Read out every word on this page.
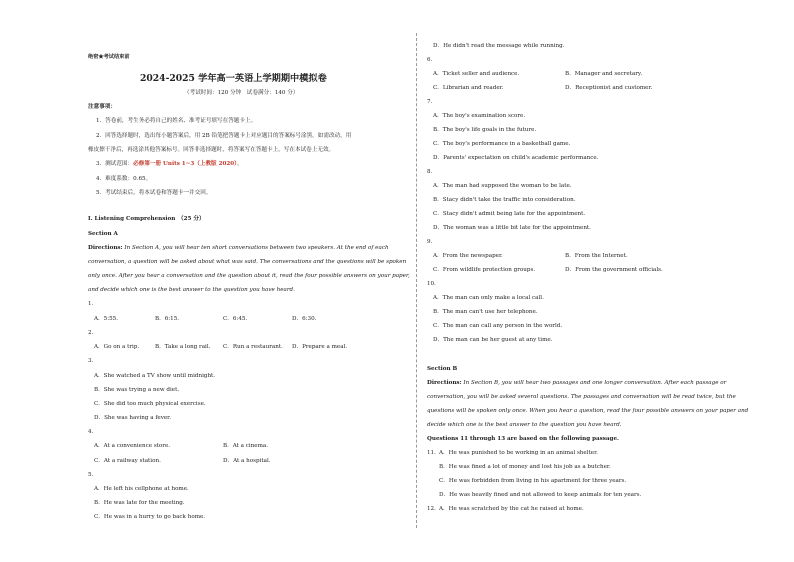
绝密★考试结束前
2024-2025 学年高一英语上学期期中模拟卷
（考试时间：120 分钟　试卷满分：140 分）
注意事项：
1．答卷前，考生务必将自己的姓名、准考证号填写在答题卡上。
2．回答选择题时，选出每小题答案后，用 2B 铅笔把答题卡上对应题目的答案标号涂黑。如需改动，用
橡皮擦干净后，再选涂其他答案标号。回答非选择题时，将答案写在答题卡上。写在本试卷上无效。
3．测试范围：必修第一册 Units 1~3（上教版 2020）。
4．难度系数：0.65。
5．考试结束后，将本试卷和答题卡一并交回。
I. Listening Comprehension　（25 分）
Section A
Directions: In Section A, you will hear ten short conversations between two speakers. At the end of each
conversation, a question will be asked about what was said. The conversations and the questions will be spoken
only once. After you hear a conversation and the question about it, read the four possible answers on your paper,
and decide which one is the best answer to the question you have heard.
1．
A．5:55.	B．6:15.	C．6:45.	D．6:30.
2．
A．Go on a trip.	B．Take a long rail. C．Run a restaurant. D．Prepare a meal.
3．
A．She watched a TV show until midnight.
B．She was trying a new diet.
C．She did too much physical exercise.
D．She was having a fever.
4．
A．At a convenience store.	B．At a cinema.
C．At a railway station.	D．At a hospital.
5．
A．He left his cellphone at home.
B．He was late for the meeting.
C．He was in a hurry to go back home.
D．He didn't read the message while running.
6．
A．Ticket seller and audience.	B．Manager and secretary.
C．Librarian and reader.	D．Receptionist and customer.
7．
A．The boy's examination score.
B．The boy's life goals in the future.
C．The boy's performance in a basketball game.
D．Parents' expectation on child's academic performance.
8．
A．The man had supposed the woman to be late.
B．Stacy didn't take the traffic into consideration.
C．Stacy didn't admit being late for the appointment.
D．The woman was a little bit late for the appointment.
9．
A．From the newspaper.	B．From the Internet.
C．From wildlife protection groups.	D．From the government officials.
10．
A．The man can only make a local call.
B．The man can't use her telephone.
C．The man can call any person in the world.
D．The man can be her guest at any time.
Section B
Directions: In Section B, you will hear two passages and one longer conversation. After each passage or
conversation, you will be asked several questions. The passages and conversation will be read twice, but the
questions will be spoken only once. When you hear a question, read the four possible answers on your paper and
decide which one is the best answer to the question you have heard.
Questions 11 through 13 are based on the following passage.
11． A．He was punished to be working in an animal shelter.
B．He was fined a lot of money and lost his job as a butcher.
C．He was forbidden from living in his apartment for three years.
D．He was heavily fined and not allowed to keep animals for ten years.
12． A．He was scratched by the cat he raised at home.
